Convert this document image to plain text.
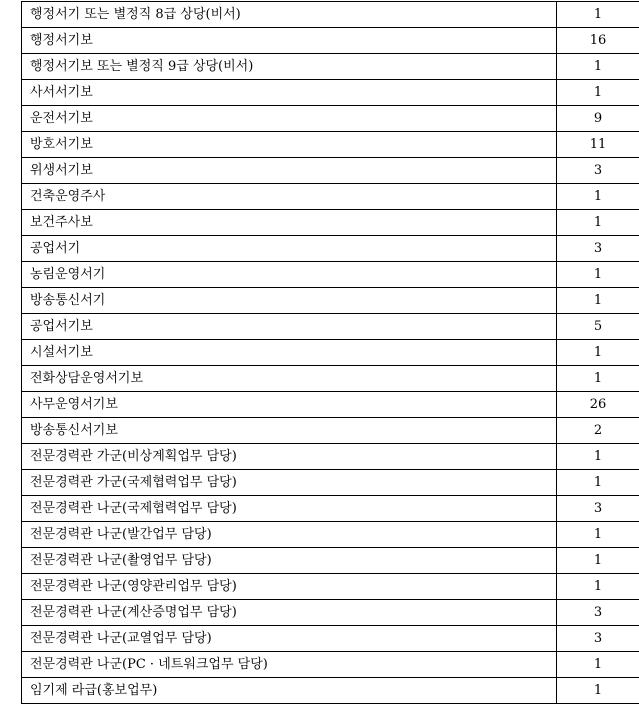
행정서기 또는 별정직 8급 상당(비서)	1
행정서기보	16
행정서기보 또는 별정직 9급 상당(비서)	1
사서서기보	1
운전서기보	9
방호서기보	11
위생서기보	3
건축운영주사	1
보건주사보	1
공업서기	3
농림운영서기	1
방송통신서기	1
공업서기보	5
시설서기보	1
전화상담운영서기보	1
사무운영서기보	26
방송통신서기보	2
전문경력관 가군(비상계획업무 담당)	1
전문경력관 가군(국제협력업무 담당)	1
전문경력관 나군(국제협력업무 담당)	3
전문경력관 나군(발간업무 담당)	1
전문경력관 나군(촬영업무 담당)	1
전문경력관 나군(영양관리업무 담당)	1
전문경력관 나군(계산증명업무 담당)	3
전문경력관 나군(교열업무 담당)	3
전문경력관 나군(PC · 네트워크업무 담당)	1
임기제 라급(홍보업무)	1
